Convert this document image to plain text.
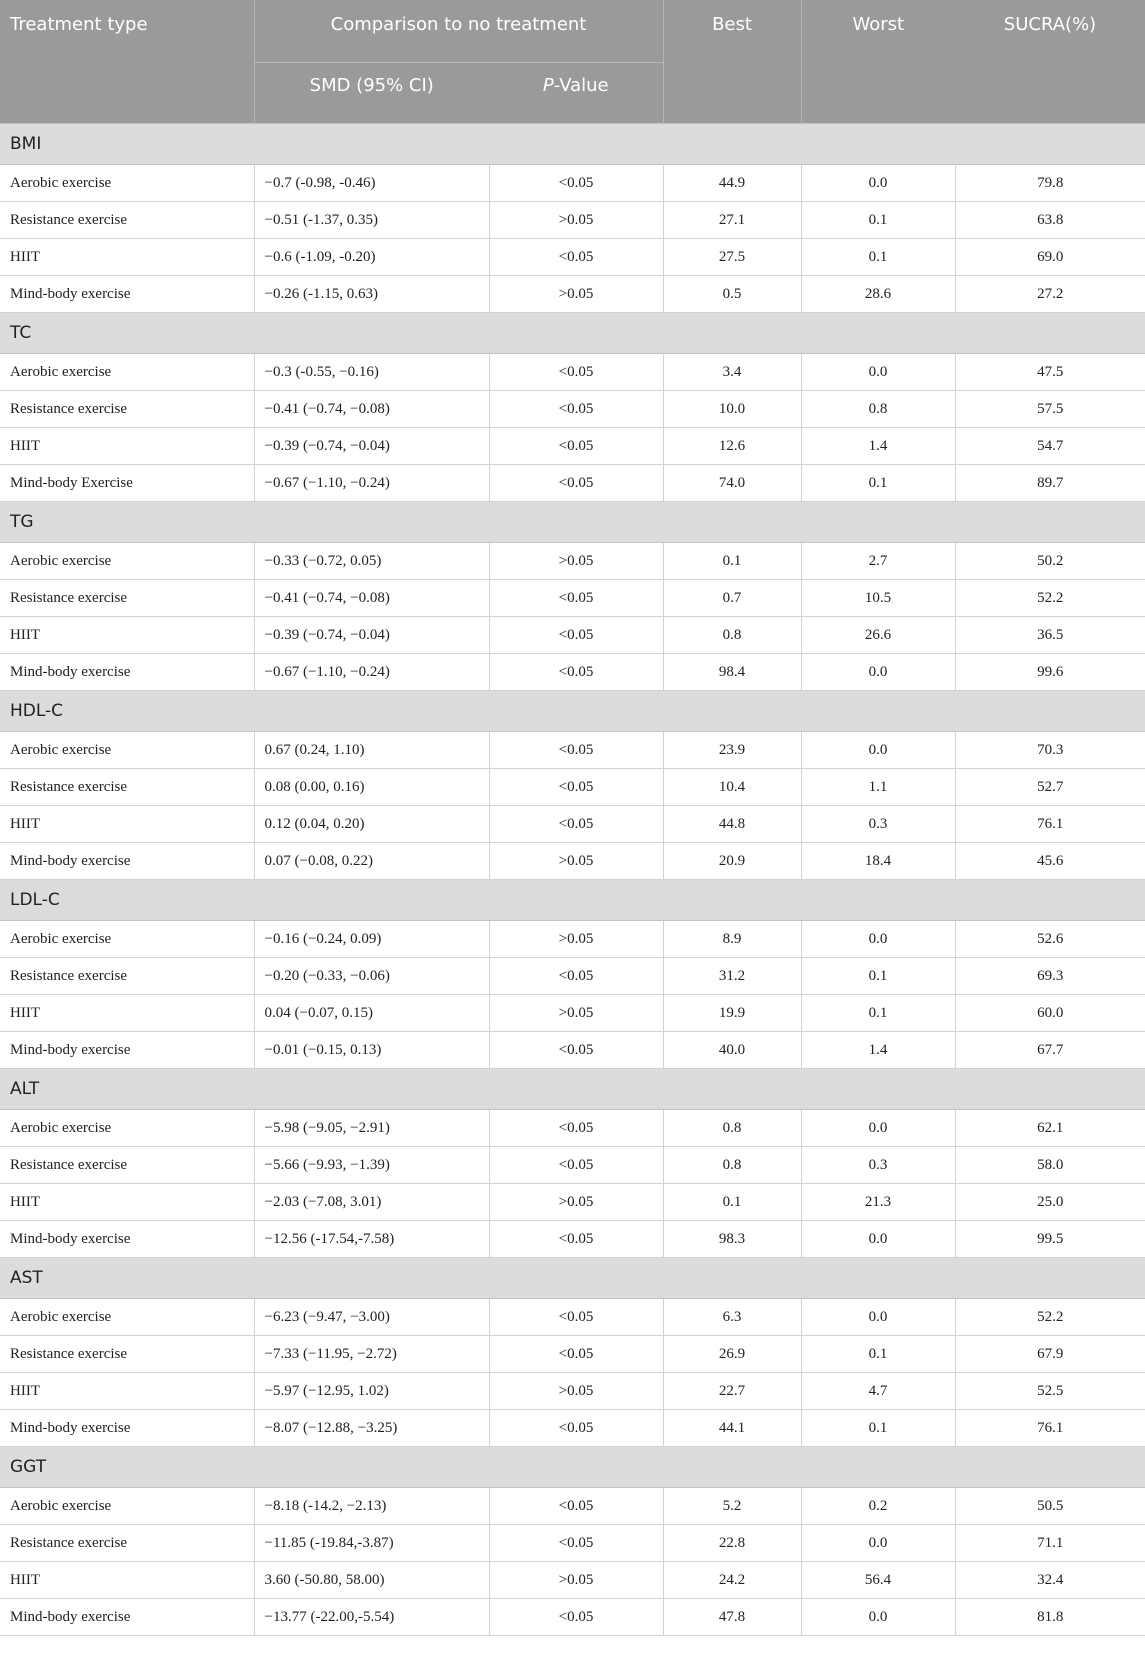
Treatment type	Comparison to no treatment		Best	Worst	SUCRA(%)
	SMD (95% CI)	P-Value			
BMI					
Aerobic exercise	−0.7 (-0.98, -0.46)	<0.05	44.9	0.0	79.8
Resistance exercise	−0.51 (-1.37, 0.35)	>0.05	27.1	0.1	63.8
HIIT	−0.6 (-1.09, -0.20)	<0.05	27.5	0.1	69.0
Mind-body exercise	−0.26 (-1.15, 0.63)	>0.05	0.5	28.6	27.2
TC					
Aerobic exercise	−0.3 (-0.55, −0.16)	<0.05	3.4	0.0	47.5
Resistance exercise	−0.41 (−0.74, −0.08)	<0.05	10.0	0.8	57.5
HIIT	−0.39 (−0.74, −0.04)	<0.05	12.6	1.4	54.7
Mind-body Exercise	−0.67 (−1.10, −0.24)	<0.05	74.0	0.1	89.7
TG					
Aerobic exercise	−0.33 (−0.72, 0.05)	>0.05	0.1	2.7	50.2
Resistance exercise	−0.41 (−0.74, −0.08)	<0.05	0.7	10.5	52.2
HIIT	−0.39 (−0.74, −0.04)	<0.05	0.8	26.6	36.5
Mind-body exercise	−0.67 (−1.10, −0.24)	<0.05	98.4	0.0	99.6
HDL-C					
Aerobic exercise	0.67 (0.24, 1.10)	<0.05	23.9	0.0	70.3
Resistance exercise	0.08 (0.00, 0.16)	<0.05	10.4	1.1	52.7
HIIT	0.12 (0.04, 0.20)	<0.05	44.8	0.3	76.1
Mind-body exercise	0.07 (−0.08, 0.22)	>0.05	20.9	18.4	45.6
LDL-C					
Aerobic exercise	−0.16 (−0.24, 0.09)	>0.05	8.9	0.0	52.6
Resistance exercise	−0.20 (−0.33, −0.06)	<0.05	31.2	0.1	69.3
HIIT	0.04 (−0.07, 0.15)	>0.05	19.9	0.1	60.0
Mind-body exercise	−0.01 (−0.15, 0.13)	<0.05	40.0	1.4	67.7
ALT					
Aerobic exercise	−5.98 (−9.05, −2.91)	<0.05	0.8	0.0	62.1
Resistance exercise	−5.66 (−9.93, −1.39)	<0.05	0.8	0.3	58.0
HIIT	−2.03 (−7.08, 3.01)	>0.05	0.1	21.3	25.0
Mind-body exercise	−12.56 (-17.54,-7.58)	<0.05	98.3	0.0	99.5
AST					
Aerobic exercise	−6.23 (−9.47, −3.00)	<0.05	6.3	0.0	52.2
Resistance exercise	−7.33 (−11.95, −2.72)	<0.05	26.9	0.1	67.9
HIIT	−5.97 (−12.95, 1.02)	>0.05	22.7	4.7	52.5
Mind-body exercise	−8.07 (−12.88, −3.25)	<0.05	44.1	0.1	76.1
GGT					
Aerobic exercise	−8.18 (-14.2, −2.13)	<0.05	5.2	0.2	50.5
Resistance exercise	−11.85 (-19.84,-3.87)	<0.05	22.8	0.0	71.1
HIIT	3.60 (-50.80, 58.00)	>0.05	24.2	56.4	32.4
Mind-body exercise	−13.77 (-22.00,-5.54)	<0.05	47.8	0.0	81.8
